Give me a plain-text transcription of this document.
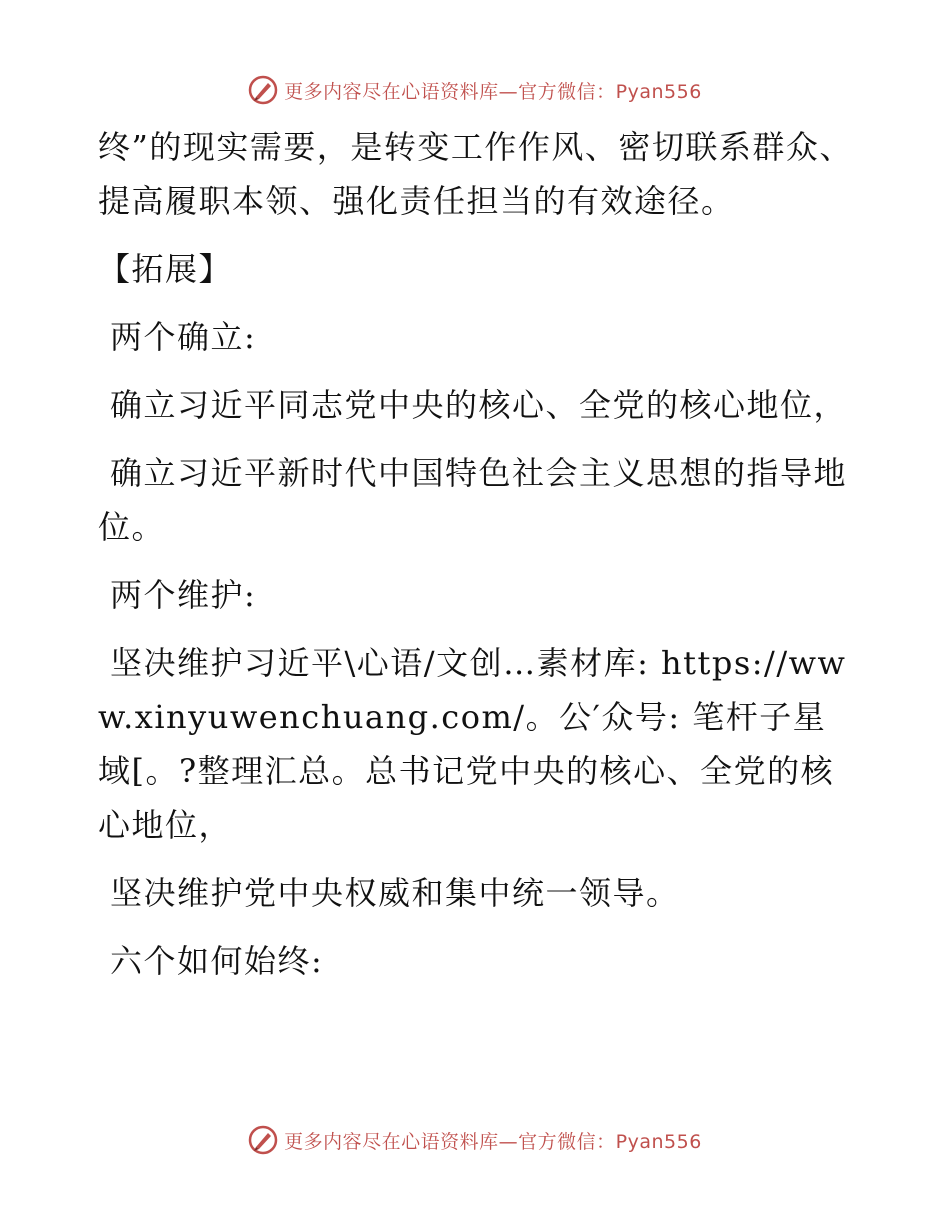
更多内容尽在心语资料库—官方微信：Pyan556

终”的现实需要，是转变工作作风、密切联系群众、提高履职本领、强化责任担当的有效途径。

【拓展】

两个确立:

确立习近平同志党中央的核心、全党的核心地位，

确立习近平新时代中国特色社会主义思想的指导地位。

两个维护:

坚决维护习近平\心语/文创…素材库: https://www.xinyuwenchuang.com/。公′众号: 笔杆子星域[。?整理汇总。总书记党中央的核心、全党的核心地位，

坚决维护党中央权威和集中统一领导。

六个如何始终:

更多内容尽在心语资料库—官方微信：Pyan556
